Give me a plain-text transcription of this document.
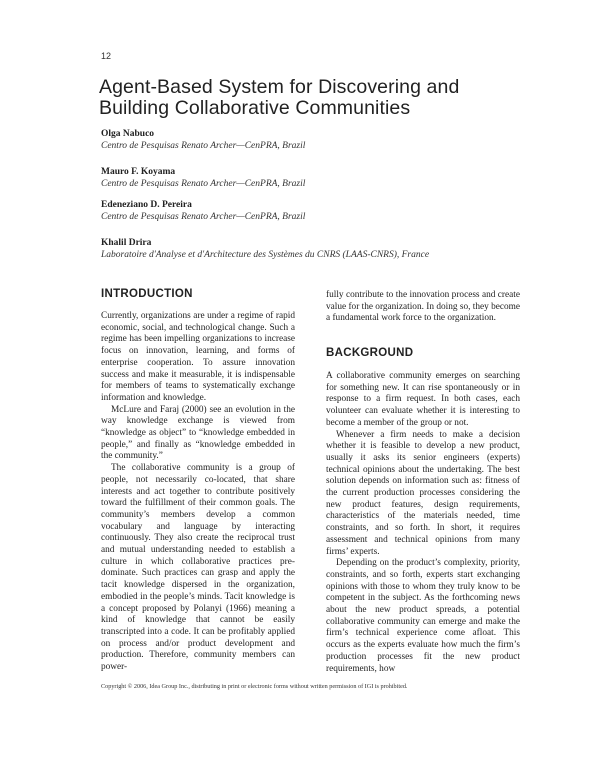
12
Agent-Based System for Discovering and
Building Collaborative Communities
Olga Nabuco
Centro de Pesquisas Renato Archer—CenPRA, Brazil
Mauro F. Koyama
Centro de Pesquisas Renato Archer—CenPRA, Brazil
Edeneziano D. Pereira
Centro de Pesquisas Renato Archer—CenPRA, Brazil
Khalil Drira
Laboratoire d'Analyse et d'Architecture des Systèmes du CNRS (LAAS-CNRS), France
INTRODUCTION

Currently, organizations are under a regime of rapid economic, social, and technological change. Such a regime has been impelling organizations to increase focus on innovation, learning, and forms of enterprise cooperation. To assure innovation success and make it measurable, it is indispensable for members of teams to systematically exchange information and knowledge.

McLure and Faraj (2000) see an evolution in the way knowledge exchange is viewed from “knowledge as object” to “knowledge embedded in people,” and finally as “knowledge embedded in the community.”

The collaborative community is a group of people, not necessarily co-located, that share interests and act together to contribute positively toward the fulfillment of their common goals. The community’s members develop a common vocabulary and language by interacting continuously. They also create the reciprocal trust and mutual understanding needed to establish a culture in which collaborative practices pre-dominate. Such practices can grasp and apply the tacit knowledge dispersed in the organization, embodied in the people’s minds. Tacit knowledge is a concept proposed by Polanyi (1966) meaning a kind of knowledge that cannot be easily transcripted into a code. It can be profitably applied on process and/or product development and production. Therefore, community members can power-

fully contribute to the innovation process and create value for the organization. In doing so, they become a fundamental work force to the organization.

BACKGROUND

A collaborative community emerges on searching for something new. It can rise spontaneously or in response to a firm request. In both cases, each volunteer can evaluate whether it is interesting to become a member of the group or not.

Whenever a firm needs to make a decision whether it is feasible to develop a new product, usually it asks its senior engineers (experts) technical opinions about the undertaking. The best solution depends on information such as: fitness of the current production processes considering the new product features, design requirements, characteristics of the materials needed, time constraints, and so forth. In short, it requires assessment and technical opinions from many firms’ experts.

Depending on the product’s complexity, priority, constraints, and so forth, experts start exchanging opinions with those to whom they truly know to be competent in the subject. As the forthcoming news about the new product spreads, a potential collaborative community can emerge and make the firm’s technical experience come afloat. This occurs as the experts evaluate how much the firm’s production processes fit the new product requirements, how

Copyright © 2006, Idea Group Inc., distributing in print or electronic forms without written permission of IGI is prohibited.
